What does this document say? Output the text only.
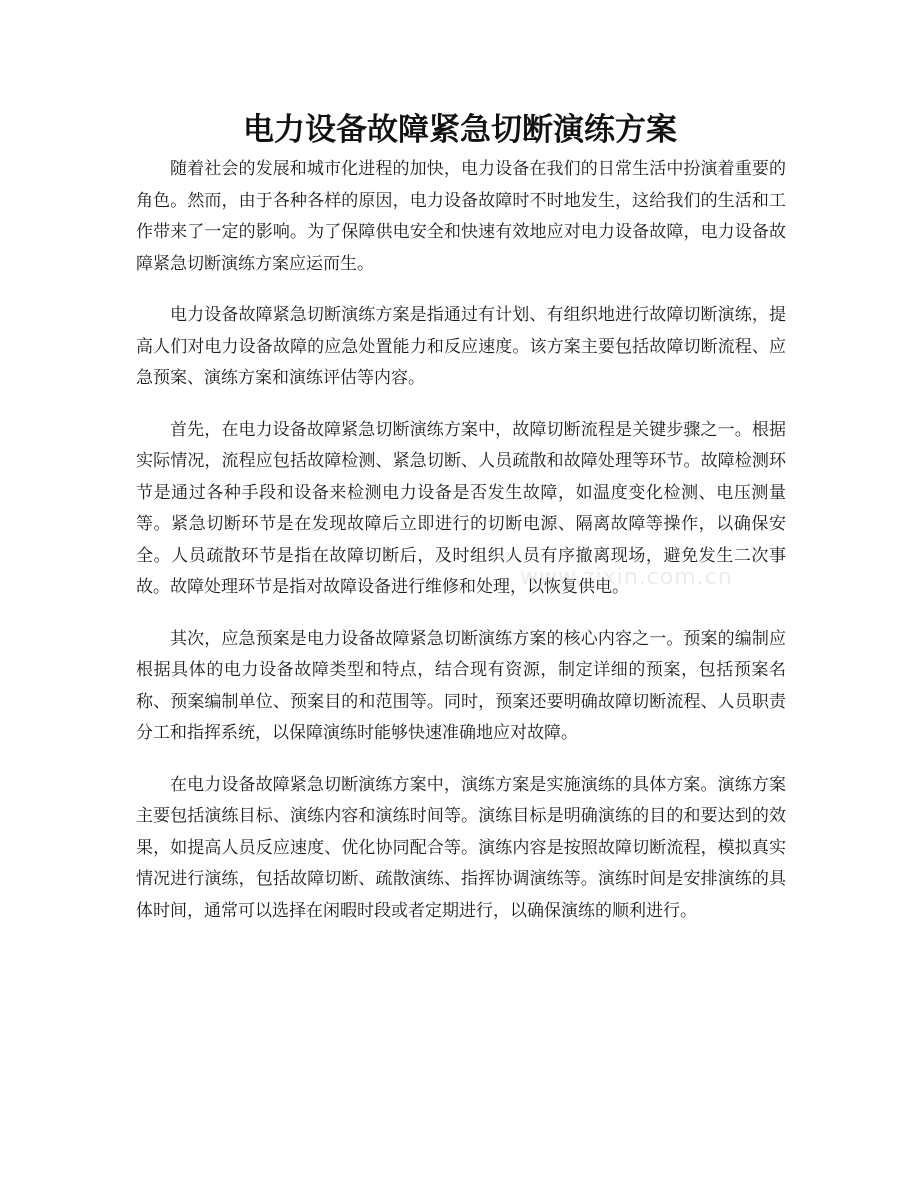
电力设备故障紧急切断演练方案

随着社会的发展和城市化进程的加快，电力设备在我们的日常生活中扮演着重要的角色。然而，由于各种各样的原因，电力设备故障时不时地发生，这给我们的生活和工作带来了一定的影响。为了保障供电安全和快速有效地应对电力设备故障，电力设备故障紧急切断演练方案应运而生。

电力设备故障紧急切断演练方案是指通过有计划、有组织地进行故障切断演练，提高人们对电力设备故障的应急处置能力和反应速度。该方案主要包括故障切断流程、应急预案、演练方案和演练评估等内容。

首先，在电力设备故障紧急切断演练方案中，故障切断流程是关键步骤之一。根据实际情况，流程应包括故障检测、紧急切断、人员疏散和故障处理等环节。故障检测环节是通过各种手段和设备来检测电力设备是否发生故障，如温度变化检测、电压测量等。紧急切断环节是在发现故障后立即进行的切断电源、隔离故障等操作，以确保安全。人员疏散环节是指在故障切断后，及时组织人员有序撤离现场，避免发生二次事故。故障处理环节是指对故障设备进行维修和处理，以恢复供电。

其次，应急预案是电力设备故障紧急切断演练方案的核心内容之一。预案的编制应根据具体的电力设备故障类型和特点，结合现有资源，制定详细的预案，包括预案名称、预案编制单位、预案目的和范围等。同时，预案还要明确故障切断流程、人员职责分工和指挥系统，以保障演练时能够快速准确地应对故障。

在电力设备故障紧急切断演练方案中，演练方案是实施演练的具体方案。演练方案主要包括演练目标、演练内容和演练时间等。演练目标是明确演练的目的和要达到的效果，如提高人员反应速度、优化协同配合等。演练内容是按照故障切断流程，模拟真实情况进行演练，包括故障切断、疏散演练、指挥协调演练等。演练时间是安排演练的具体时间，通常可以选择在闲暇时段或者定期进行，以确保演练的顺利进行。

www.zixin.com.cn
